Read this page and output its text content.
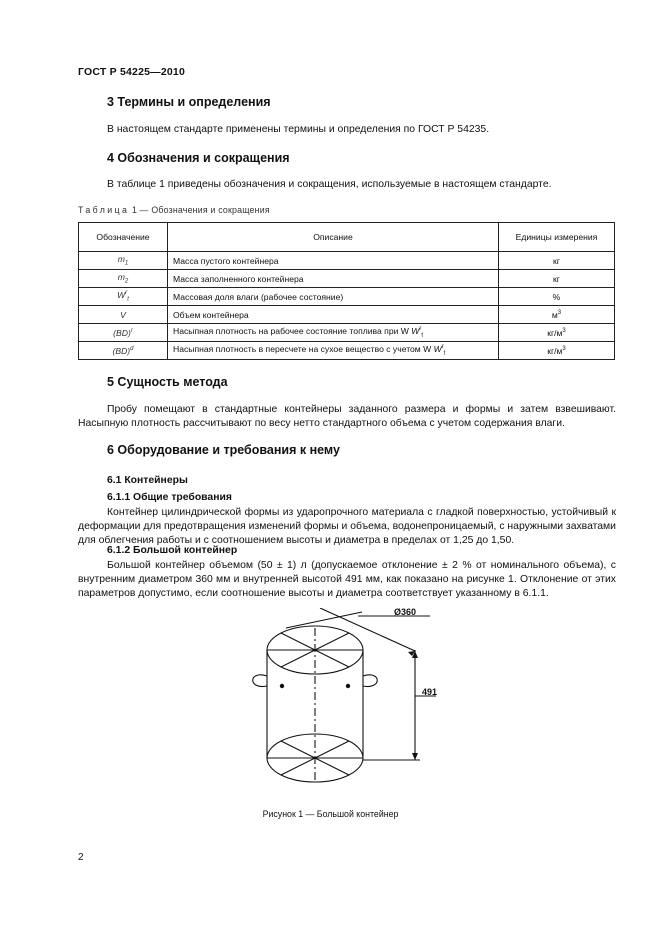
ГОСТ Р 54225—2010
3 Термины и определения
В настоящем стандарте применены термины и определения по ГОСТ Р 54235.
4 Обозначения и сокращения
В таблице 1 приведены обозначения и сокращения, используемые в настоящем стандарте.
Таблица 1 — Обозначения и сокращения
Обозначение	Описание	Единицы измерения
$m_1$	Масса пустого контейнера	кг
$m_2$	Масса заполненного контейнера	кг
$W^r_t$	Массовая доля влаги (рабочее состояние)	%
V	Объем контейнера	$м^3$
(BD)$^r$	Насыпная плотность на рабочее состояние топлива при W $W^r_t$	$кг/м^3$
(BD)$^d$	Насыпная плотность в пересчете на сухое вещество с учетом W $W^r_t$	$кг/м^3$
5 Сущность метода
Пробу помещают в стандартные контейнеры заданного размера и формы и затем взвешивают. Насыпную плотность рассчитывают по весу нетто стандартного объема с учетом содержания влаги.
6 Оборудование и требования к нему
6.1 Контейнеры
6.1.1 Общие требования
Контейнер цилиндрической формы из ударопрочного материала с гладкой поверхностью, устойчивый к деформации для предотвращения изменений формы и объема, водонепроницаемый, с наружными захватами для облегчения работы и с соотношением высоты и диаметра в пределах от 1,25 до 1,50.
6.1.2 Большой контейнер
Большой контейнер объемом (50 ± 1) л (допускаемое отклонение ± 2 % от номинального объема), с внутренним диаметром 360 мм и внутренней высотой 491 мм, как показано на рисунке 1. Отклонение от этих параметров допустимо, если соотношение высоты и диаметра соответствует указанному в 6.1.1.
Ø360
491
Рисунок 1 — Большой контейнер
2
